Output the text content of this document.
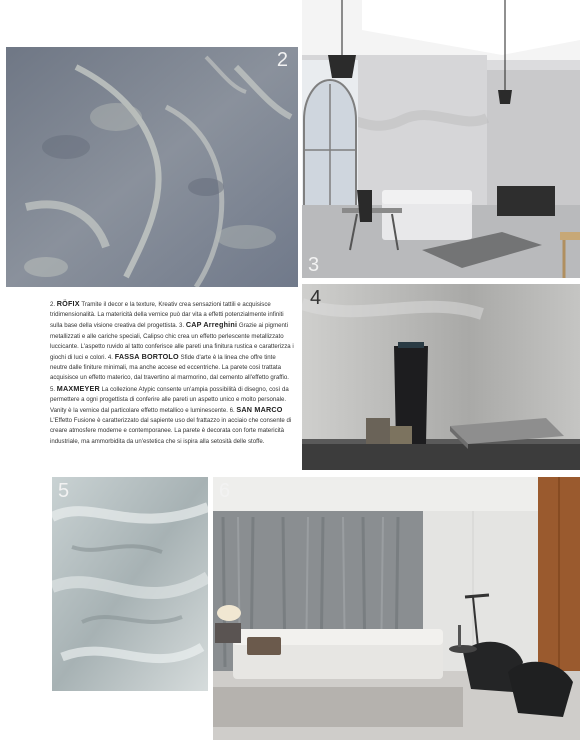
2
3
4
2. RÖFIX Tramite il decor e la texture, Kreativ crea sensazioni tattili e acquisisce tridimensionalità. La matericità della vernice può dar vita a effetti potenzialmente infiniti sulla base della visione creativa del progettista. 3. CAP Arreghini Grazie ai pigmenti metallizzati e alle cariche speciali, Calipso chic crea un effetto perlescente metallizzato luccicante. L'aspetto ruvido al tatto conferisce alle pareti una finitura rustica e caratterizza i giochi di luci e colori. 4. FASSA BORTOLO Sfide d'arte è la linea che offre tinte neutre dalle finiture minimali, ma anche accese ed eccentriche. La parete così trattata acquisisce un effetto materico, dal travertino al marmorino, dal cemento all'effetto graffio. 5. MAXMEYER La collezione Atypic consente un'ampia possibilità di disegno, così da permettere a ogni progettista di conferire alle pareti un aspetto unico e molto personale. Vanity è la vernice dal particolare effetto metallico e luminescente. 6. SAN MARCO L'Effetto Fusione è caratterizzato dal sapiente uso del frattazzo in acciaio che consente di creare atmosfere moderne e contemporanee. La parete è decorata con forte matericità industriale, ma ammorbidita da un'estetica che si ispira alla setosità delle stoffe.
5	6
